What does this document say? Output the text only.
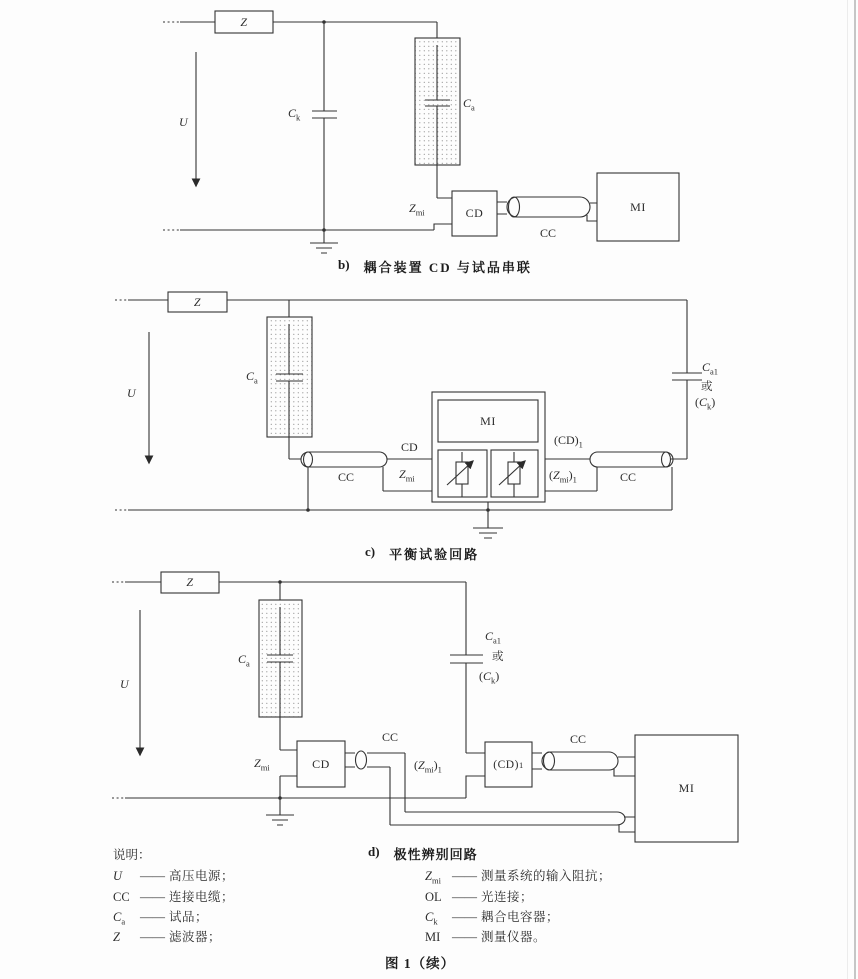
Z
U
$C_k$
$C_a$
$Z_{mi}$	CD
CC
MI
b) 耦合装置 CD 与试品串联
Z
U
$C_a$
CC
CD
$Z_{mi}$
MI
$(CD)_1$
$(Z_{mi})_1$	CC
$C_{a1}$
或
$(C_k)$
c) 平衡试验回路
Z
U
$C_a$
$Z_{mi}$	CD
CC
$(Z_{mi})_1$	(CD) 1
$C_{a1}$
或
$(C_k)$
CC
MI
d) 极性辨别回路
说明：
U	—— 高压电源；
CC —— 连接电缆；
$C_a$	—— 试品；
Z	—— 滤波器；
$Z_{mi}$ —— 测量系统的输入阻抗；
OL —— 光连接；
$C_k$	—— 耦合电容器；
MI —— 测量仪器。
图 1（续）
